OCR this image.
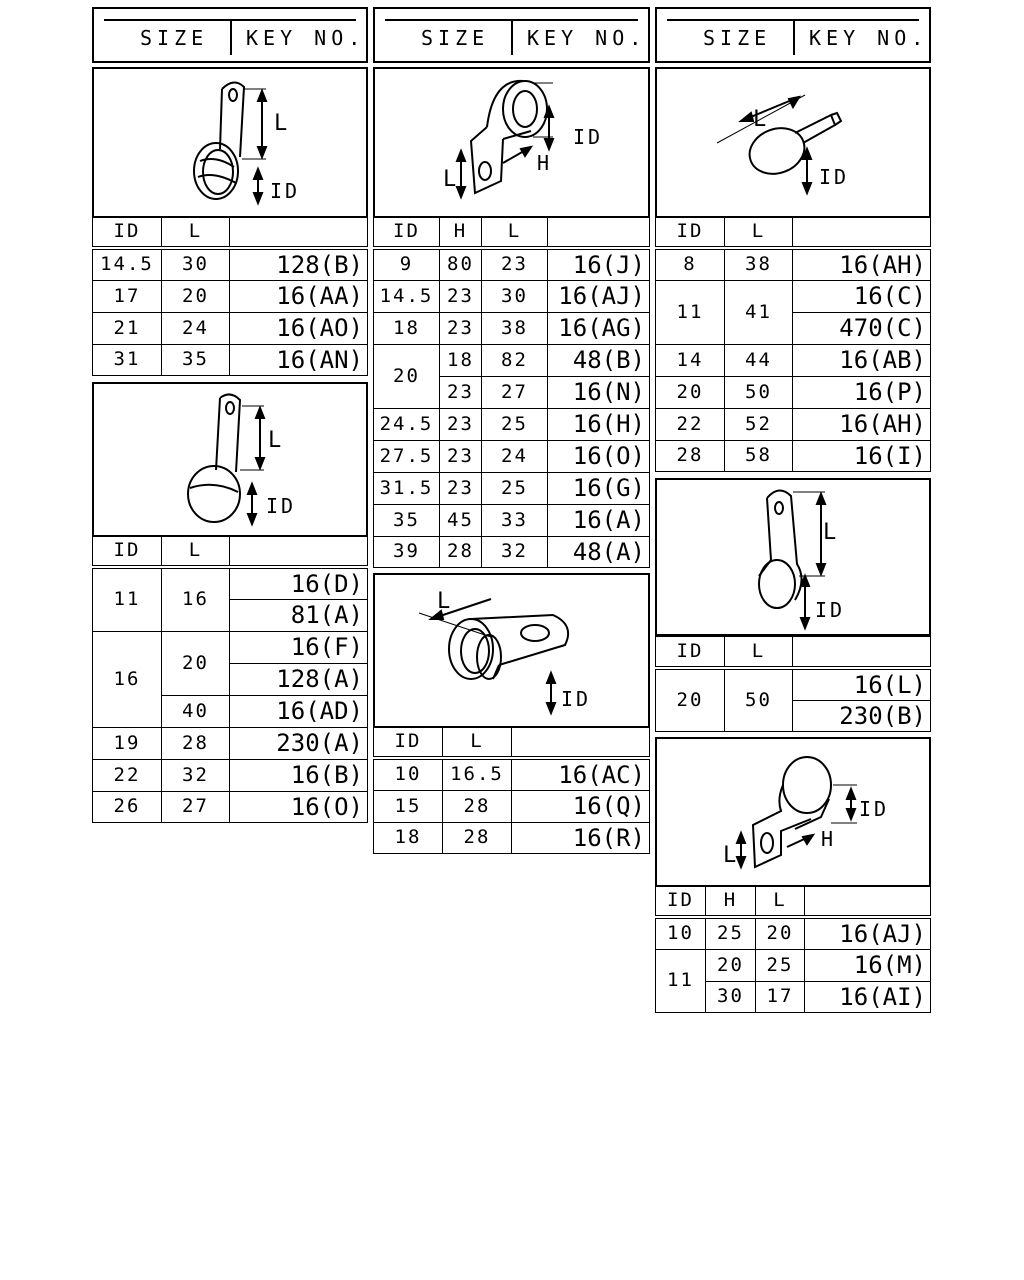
SIZE KEY NO.	SIZE KEY NO.	SIZE KEY NO.
L
ID
ID	L	
14.5	30	128(B)
17	20	16(AA)
21	24	16(AO)
31	35	16(AN)
L
ID
ID	L	
11	16	16(D)
		81(A)
16	20	16(F)
		128(A)
	40	16(AD)
19	28	230(A)
22	32	16(B)
26	27	16(O)
ID
H
L
ID	H	L	
9	80	23	16(J)
14.5	23	30	16(AJ)
18	23	38	16(AG)
20	18	82	48(B)
	23	27	16(N)
24.5	23	25	16(H)
27.5	23	24	16(O)
31.5	23	25	16(G)
35	45	33	16(A)
39	28	32	48(A)
L
ID
ID	L	
10	16.5	16(AC)
15	28	16(Q)
18	28	16(R)
L
ID
ID	L	
8	38	16(AH)
11	41	16(C)
		470(C)
14	44	16(AB)
20	50	16(P)
22	52	16(AH)
28	58	16(I)
L
ID
ID	L	
20	50	16(L)
		230(B)
ID
H
L
ID	H	L	
10	25	20	16(AJ)
11	20	25	16(M)
	30	17	16(AI)
